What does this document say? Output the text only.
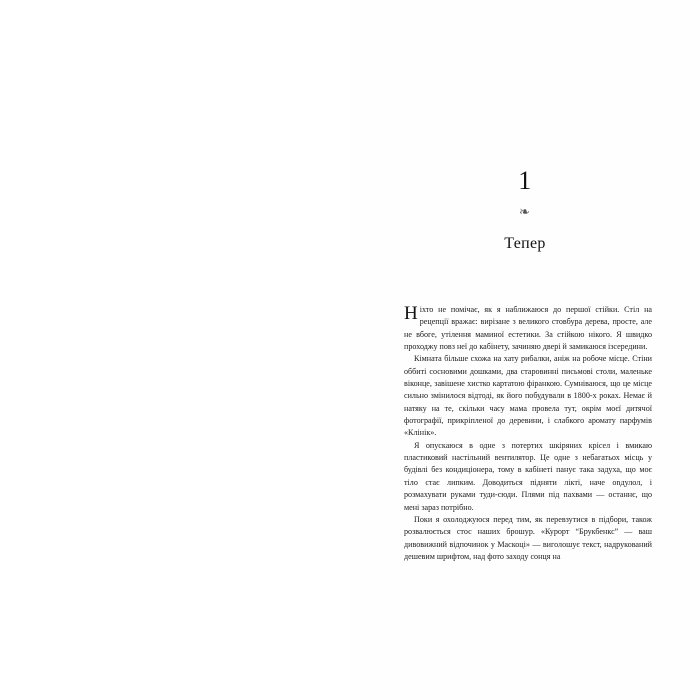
1
❧
Тепер

Ніхто не помічає, як я наближаюся до першої стійки. Стіл на рецепції вражає: вирізане з великого стовбура дерева, просте, але не вбоге, утілення маминої естетики. За стійкою нікого. Я швидко проходжу повз неї до кабінету, зачиняю двері й замикаюся ізсередини.

Кімната більше схожа на хату рибалки, аніж на робоче місце. Стіни оббиті сосновими дошками, два старовинні письмові столи, маленьке віконце, завішене хистко картатою фіранкою. Сумніваюся, що це місце сильно змінилося відтоді, як його побудували в 1800-х роках. Немає й натяку на те, скільки часу мама провела тут, окрім моєї дитячої фотографії, прикріпленої до деревини, і слабкого аромату парфумів «Клінік».

Я опускаюся в одне з потертих шкіряних крісел і вмикаю пластиковий настільний вентилятор. Це одне з небагатьох місць у будівлі без кондиціонера, тому в кабінеті панує така задуха, що моє тіло стає липким. Доводиться підняти лікті, наче оnдулол, і розмахувати руками туди-сюди. Плями під пахвами — останнє, що мені зараз потрібно.

Поки я охолоджуюся перед тим, як перевзутися в підбори, також розвалюється стос наших брошур. «Курорт “Брукбенкс” — ваш дивовижний відпочинок у Маскоці» — виголошує текст, надрукований дешевим шрифтом, над фото заходу сонця на
